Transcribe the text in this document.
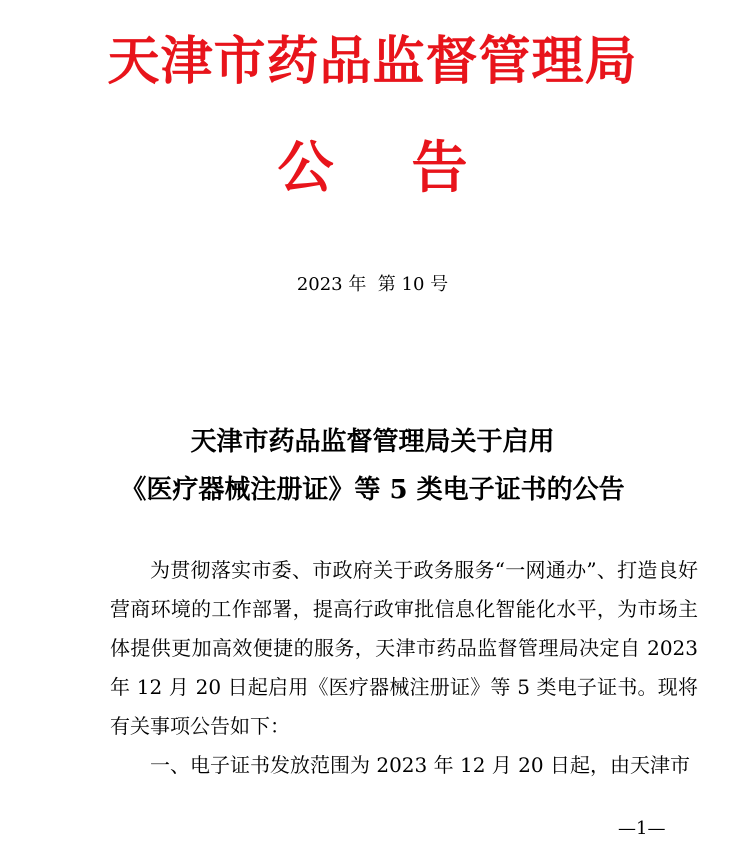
天津市药品监督管理局
公告
2023 年  第 10 号
天津市药品监督管理局关于启用
《医疗器械注册证》等 5 类电子证书的公告

为贯彻落实市委、市政府关于政务服务“一网通办”、打造良好营商环境的工作部署，提高行政审批信息化智能化水平，为市场主体提供更加高效便捷的服务，天津市药品监督管理局决定自 2023 年 12 月 20 日起启用《医疗器械注册证》等 5 类电子证书。现将有关事项公告如下：

一、电子证书发放范围为 2023 年 12 月 20 日起，由天津市

—1—
